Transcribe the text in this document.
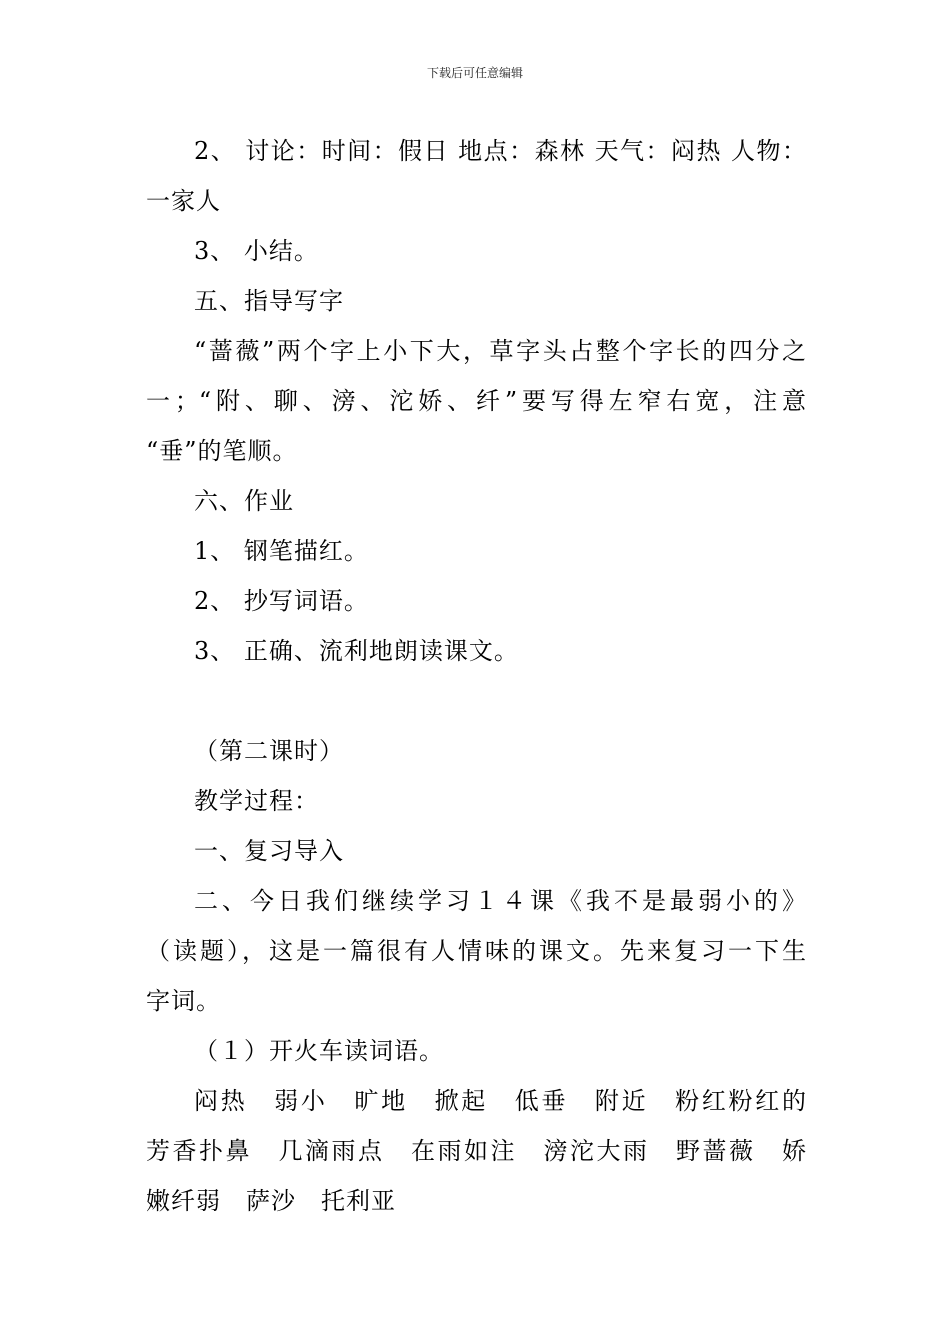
下载后可任意编辑
2、 讨论：时间：假日 地点：森林 天气：闷热 人物：
一家人
3、 小结。
五、指导写字
“蔷薇”两个字上小下大，草字头占整个字长的四分之
一；“附、聊、滂、沱娇、纤”要写得左窄右宽，注意
“垂”的笔顺。
六、作业
1、 钢笔描红。
2、 抄写词语。
3、 正确、流利地朗读课文。
（第二课时）
教学过程：
一、复习导入
二、今日我们继续学习１４课《我不是最弱小的》
（读题），这是一篇很有人情味的课文。先来复习一下生
字词。
（１）开火车读词语。
闷热　弱小　旷地　掀起　低垂　附近　粉红粉红的
芳香扑鼻　几滴雨点　在雨如注　滂沱大雨　野蔷薇　娇
嫩纤弱　萨沙　托利亚
